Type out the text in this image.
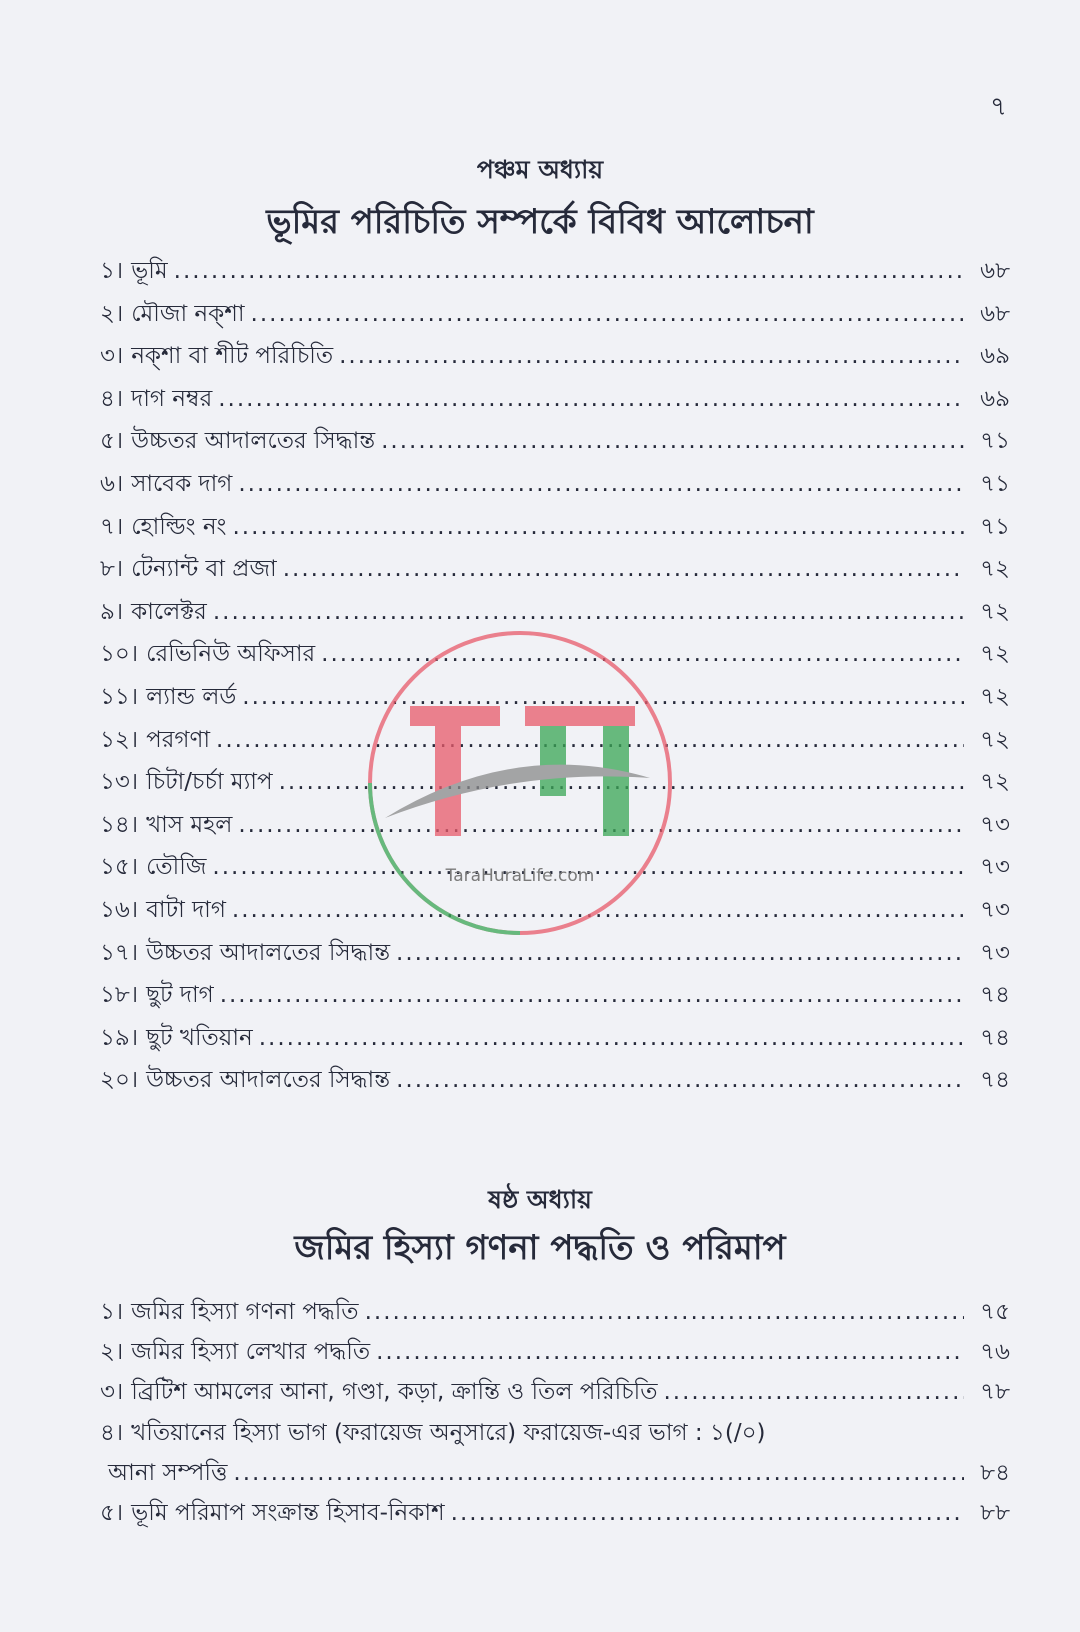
৭
পঞ্চম অধ্যায়
ভূমির পরিচিতি সম্পর্কে বিবিধ আলোচনা
১। ভূমি .....	৬৮
২। মৌজা নক্শা .....	৬৮
৩। নক্শা বা শীট পরিচিতি .....	৬৯
৪। দাগ নম্বর .....	৬৯
৫। উচ্চতর আদালতের সিদ্ধান্ত .....	৭১
৬। সাবেক দাগ .....	৭১
৭। হোল্ডিং নং .....	৭১
৮। টেন্যান্ট বা প্রজা .....	৭২
৯। কালেক্টর .....	৭২
১০। রেভিনিউ অফিসার .....	৭২
১১। ল্যান্ড লর্ড .....	৭২
১২। পরগণা .....	৭২
১৩। চিটা/চর্চা ম্যাপ .....	৭২
১৪। খাস মহল .....	৭৩
১৫। তৌজি .....	৭৩
১৬। বাটা দাগ .....	৭৩
১৭। উচ্চতর আদালতের সিদ্ধান্ত .....	৭৩
১৮। ছুট দাগ .....	৭৪
১৯। ছুট খতিয়ান .....	৭৪
২০। উচ্চতর আদালতের সিদ্ধান্ত .....	৭৪
ষষ্ঠ অধ্যায়
জমির হিস্যা গণনা পদ্ধতি ও পরিমাপ
১। জমির হিস্যা গণনা পদ্ধতি .....	৭৫
২। জমির হিস্যা লেখার পদ্ধতি .....	৭৬
৩। ব্রিটিশ আমলের আনা, গণ্ডা, কড়া, ক্রান্তি ও তিল পরিচিতি .....	৭৮
৪। খতিয়ানের হিস্যা ভাগ (ফরায়েজ অনুসারে) ফরায়েজ-এর ভাগ : ১(/০)
আনা সম্পত্তি .....	৮৪
৫। ভূমি পরিমাপ সংক্রান্ত হিসাব-নিকাশ .....	৮৮
TaraHuraLife.com
